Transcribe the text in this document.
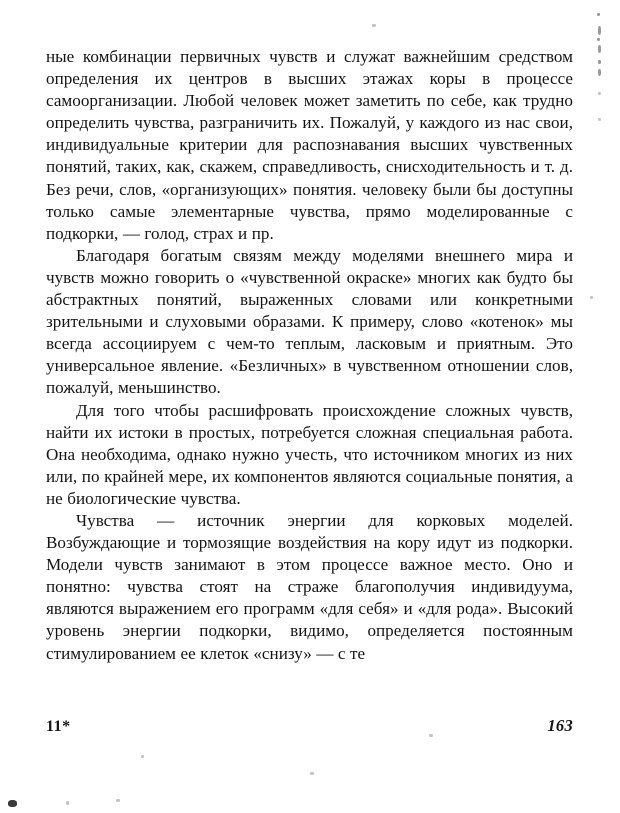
ные комбинации первичных чувств и служат важнейшим средством определения их центров в высших этажах коры в процессе самоорганизации. Любой человек может заметить по себе, как трудно определить чувства, разграничить их. Пожалуй, у каждого из нас свои, индивидуальные критерии для распознавания высших чувственных понятий, таких, как, скажем, справедливость, снисходительность и т. д. Без речи, слов, «организующих» понятия. человеку были бы доступны только самые элементарные чувства, прямо моделированные с подкорки, — голод, страх и пр.

Благодаря богатым связям между моделями внешнего мира и чувств можно говорить о «чувственной окраске» многих как будто бы абстрактных понятий, выраженных словами или конкретными зрительными и слуховыми образами. К примеру, слово «котенок» мы всегда ассоциируем с чем-то теплым, ласковым и приятным. Это универсальное явление. «Безличных» в чувственном отношении слов, пожалуй, меньшинство.

Для того чтобы расшифровать происхождение сложных чувств, найти их истоки в простых, потребуется сложная специальная работа. Она необходима, однако нужно учесть, что источником многих из них или, по крайней мере, их компонентов являются социальные понятия, а не биологические чувства.

Чувства — источник энергии для корковых моделей. Возбуждающие и тормозящие воздействия на кору идут из подкорки. Модели чувств занимают в этом процессе важное место. Оно и понятно: чувства стоят на страже благополучия индивидуума, являются выражением его программ «для себя» и «для рода». Высокий уровень энергии подкорки, видимо, определяется постоянным стимулированием ее клеток «снизу» — с те

11*	163
